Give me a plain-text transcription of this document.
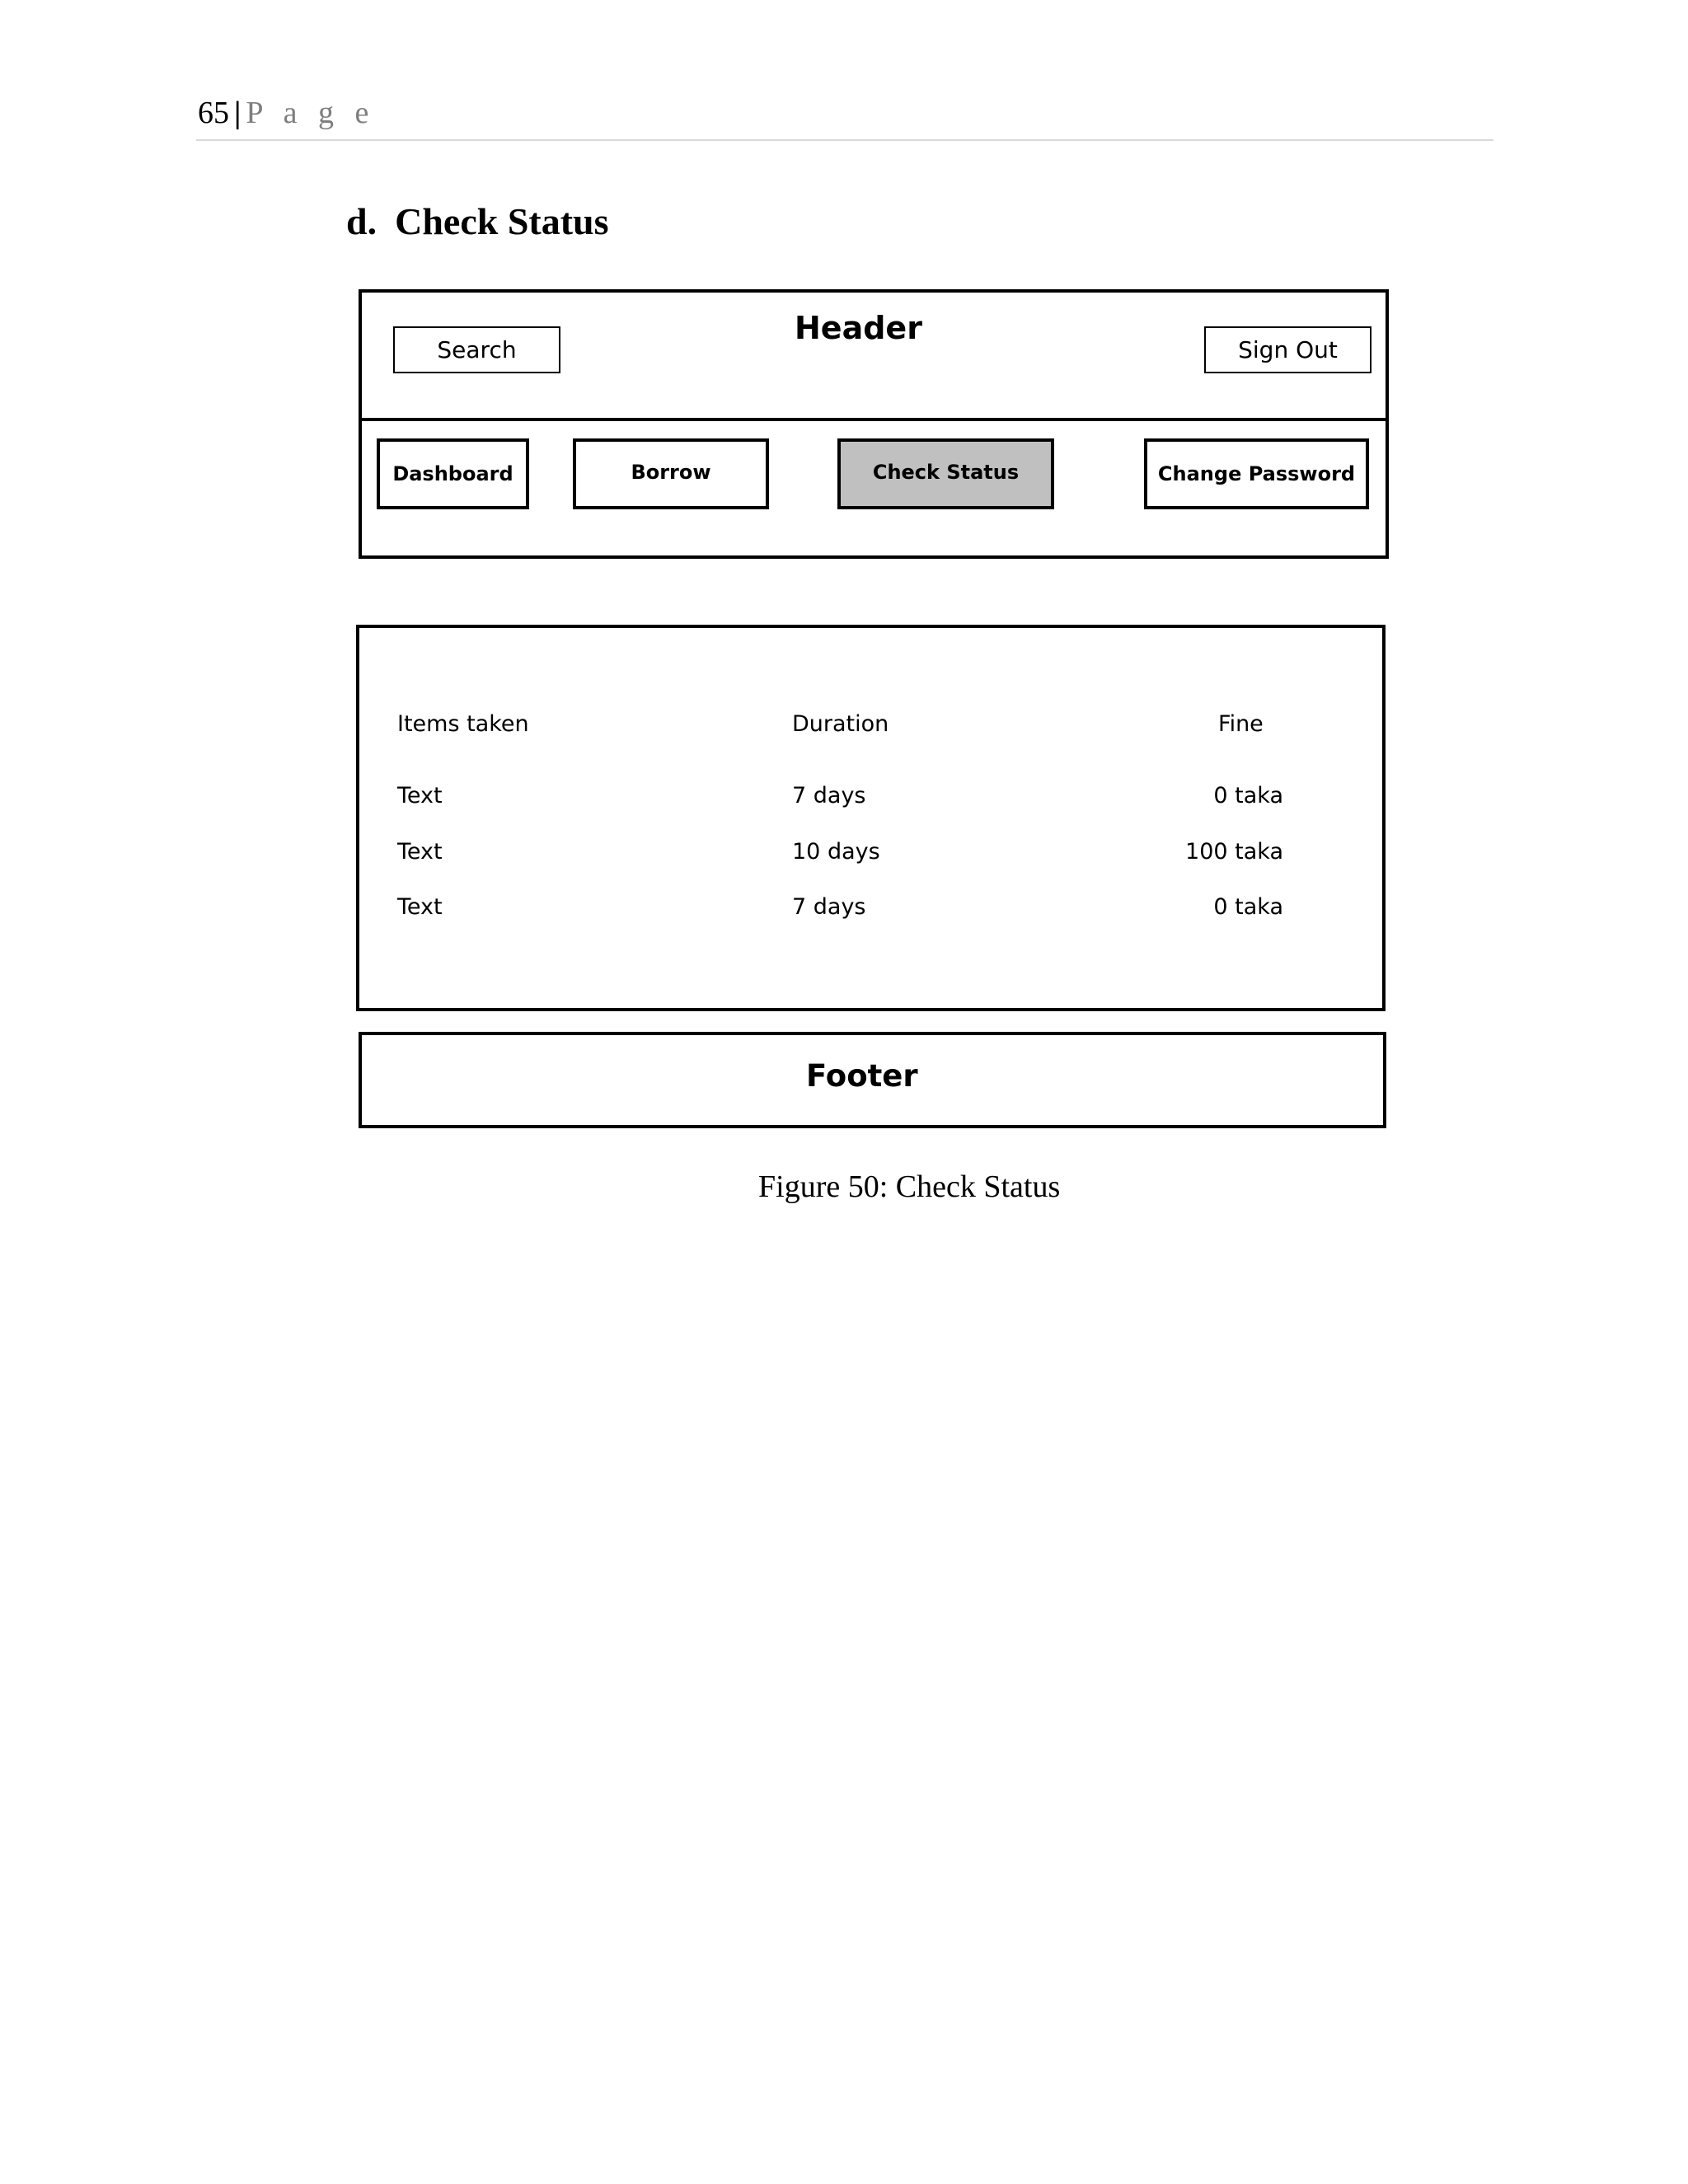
65 | P a g e
d. Check Status
Header
Search	Sign Out
Dashboard	Borrow	Check Status	Change Password
Items taken	Duration	Fine
Text	7 days	0 taka
Text	10 days	100 taka
Text	7 days	0 taka
Footer
Figure 50: Check Status
